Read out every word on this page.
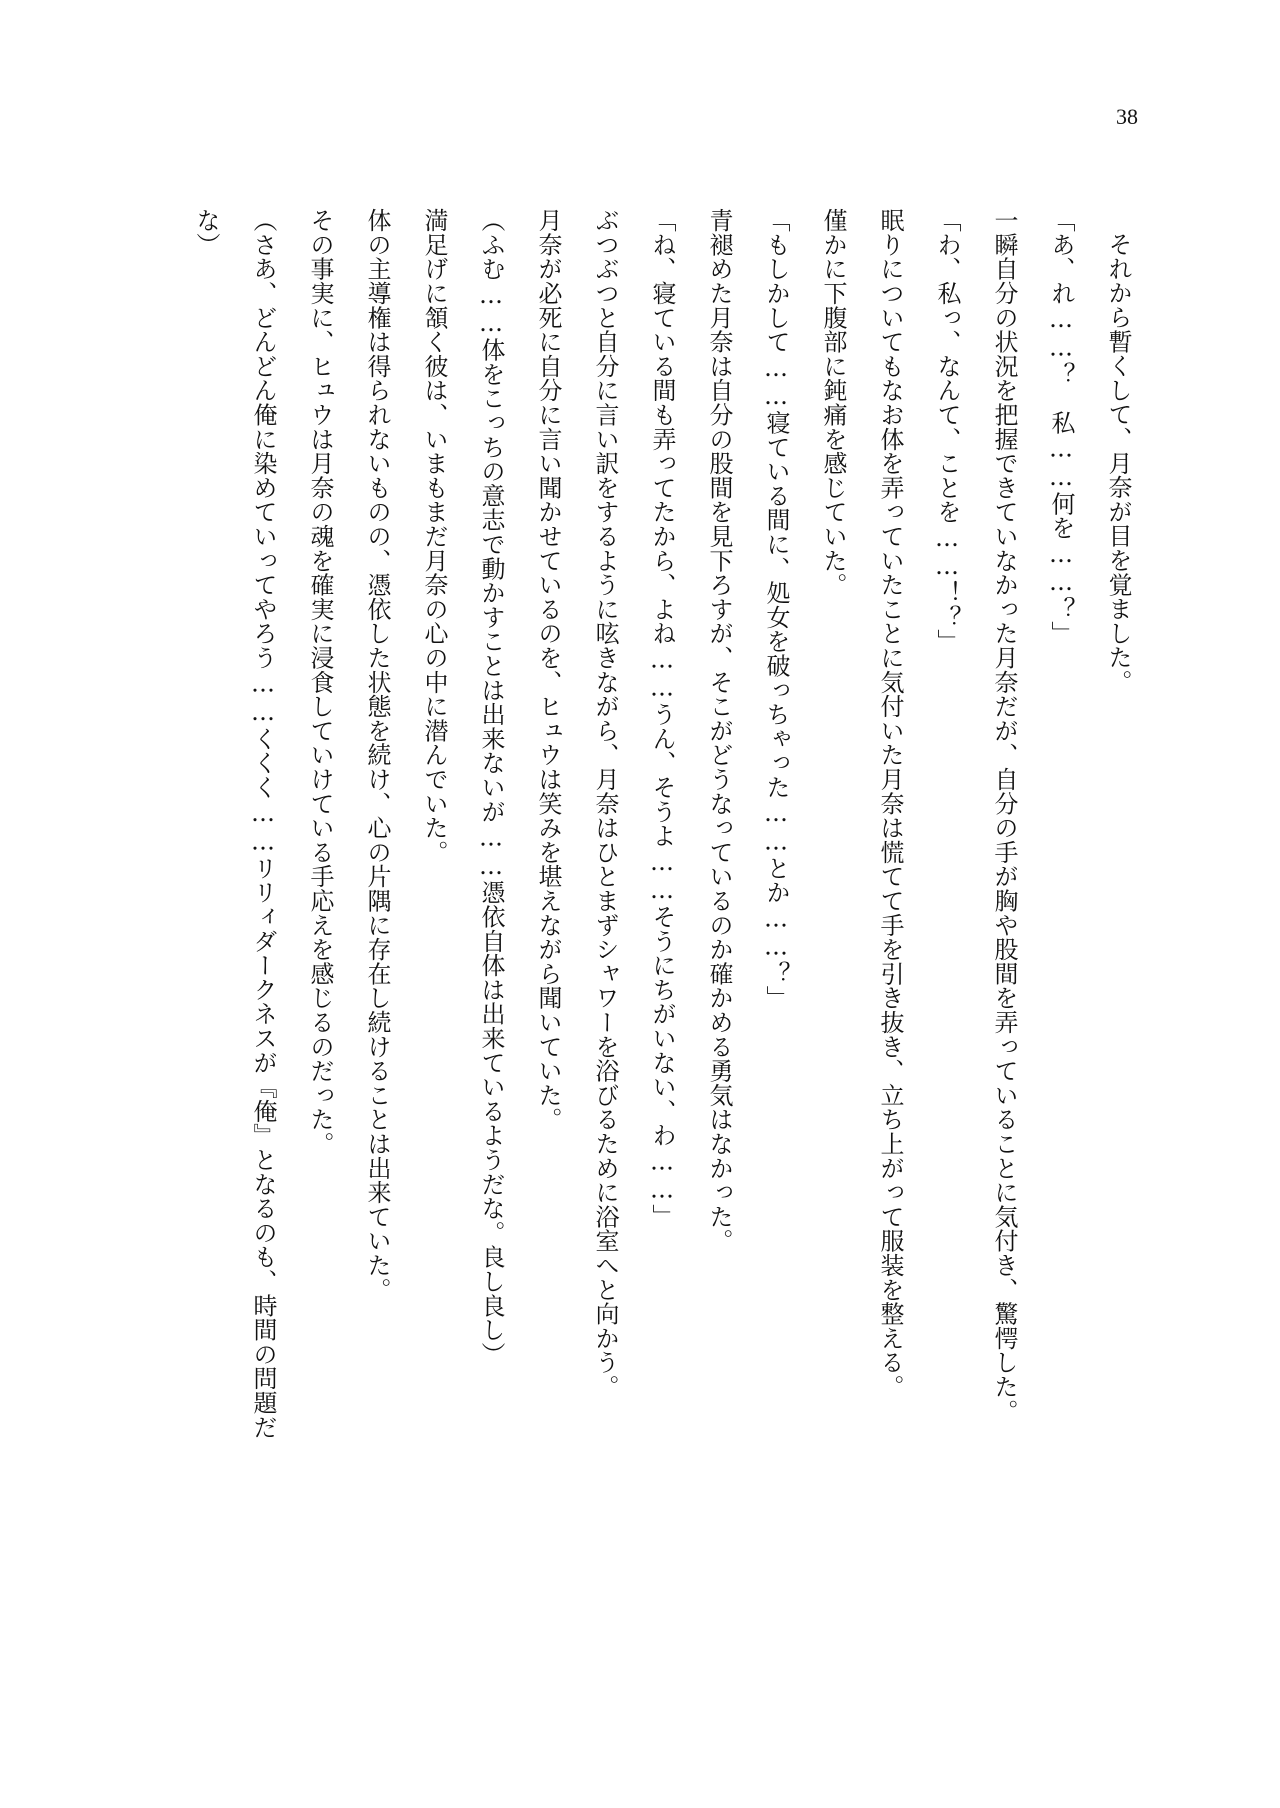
38
それから暫くして、月奈が目を覚ました。
「あ、れ……？　私……何を……？」
一瞬自分の状況を把握できていなかった月奈だが、自分の手が胸や股間を弄っていることに気付き、驚愕した。
「わ、私っ、なんて、ことを……！？」
眠りについてもなお体を弄っていたことに気付いた月奈は慌てて手を引き抜き、立ち上がって服装を整える。
僅かに下腹部に鈍痛を感じていた。
「もしかして……寝ている間に、処女を破っちゃった……とか……？」
青褪めた月奈は自分の股間を見下ろすが、そこがどうなっているのか確かめる勇気はなかった。
「ね、寝ている間も弄ってたから、よね……うん、そうよ……そうにちがいない、わ……」
ぶつぶつと自分に言い訳をするように呟きながら、月奈はひとまずシャワーを浴びるために浴室へと向かう。
月奈が必死に自分に言い聞かせているのを、ヒュウは笑みを堪えながら聞いていた。
（ふむ……体をこっちの意志で動かすことは出来ないが……憑依自体は出来ているようだな。良し良し）
満足げに頷く彼は、いまもまだ月奈の心の中に潜んでいた。
体の主導権は得られないものの、憑依した状態を続け、心の片隅に存在し続けることは出来ていた。
その事実に、ヒュウは月奈の魂を確実に浸食していけている手応えを感じるのだった。
（さあ、どんどん俺に染めていってやろう……くくく……リリィダークネスが『俺』となるのも、時間の問題だ
な）
